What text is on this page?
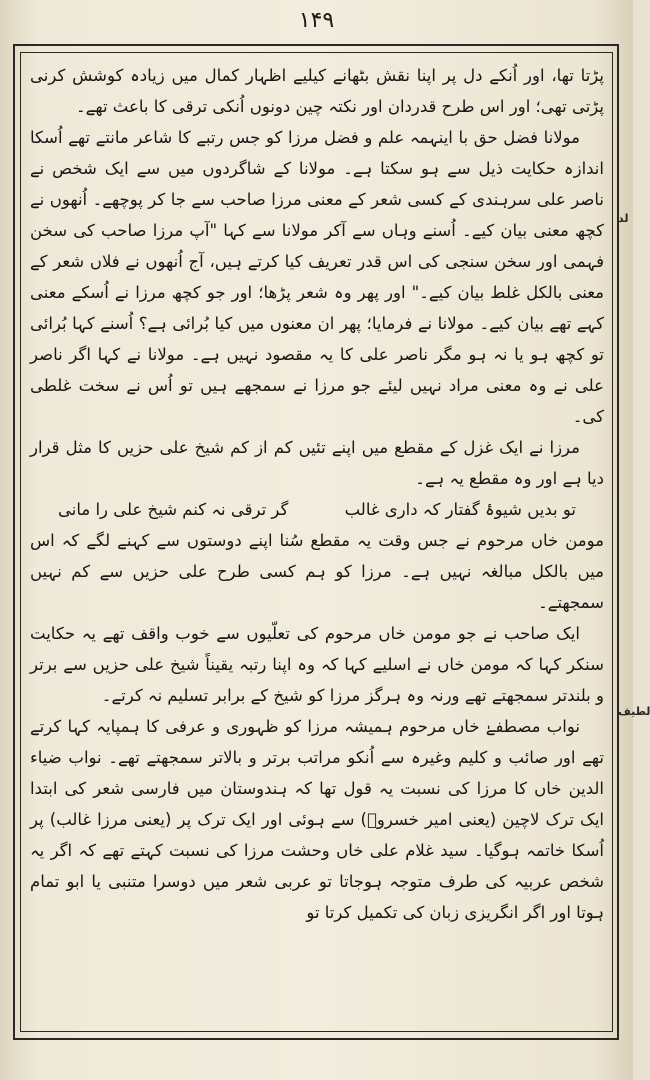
۱۴۹
لد
لطیف

پڑتا تھا، اور اُنکے دل پر اپنا نقش بٹھانے کیلیے اظہار کمال میں زیادہ کوشش کرنی پڑتی تھی؛ اور اس طرح قدردان اور نکتہ چین دونوں اُنکی ترقی کا باعث تھے۔

مولانا فضل حق با اینہمہ علم و فضل مرزا کو جس رتبے کا شاعر مانتے تھے اُسکا اندازہ حکایت ذیل سے ہو سکتا ہے۔ مولانا کے شاگردوں میں سے ایک شخص نے ناصر علی سرہندی کے کسی شعر کے معنی مرزا صاحب سے جا کر پوچھے۔ اُنھوں نے کچھ معنی بیان کیے۔ اُسنے وہاں سے آکر مولانا سے کہا "آپ مرزا صاحب کی سخن فہمی اور سخن سنجی کی اس قدر تعریف کیا کرتے ہیں، آج اُنھوں نے فلاں شعر کے معنی بالکل غلط بیان کیے۔" اور پھر وہ شعر پڑھا؛ اور جو کچھ مرزا نے اُسکے معنی کہے تھے بیان کیے۔ مولانا نے فرمایا؛ پھر ان معنوں میں کیا بُرائی ہے؟ اُسنے کہا بُرائی تو کچھ ہو یا نہ ہو مگر ناصر علی کا یہ مقصود نہیں ہے۔ مولانا نے کہا اگر ناصر علی نے وہ معنی مراد نہیں لیئے جو مرزا نے سمجھے ہیں تو اُس نے سخت غلطی کی۔

مرزا نے ایک غزل کے مقطع میں اپنے تئیں کم از کم شیخ علی حزیں کا مثل قرار دیا ہے اور وہ مقطع یہ ہے۔

تو بدیں شیوۂ گفتار کہ داری غالب
گر ترقی نہ کنم شیخ علی را مانی

مومن خاں مرحوم نے جس وقت یہ مقطع سُنا اپنے دوستوں سے کہنے لگے کہ اس میں بالکل مبالغہ نہیں ہے۔ مرزا کو ہم کسی طرح علی حزیں سے کم نہیں سمجھتے۔

ایک صاحب نے جو مومن خاں مرحوم کی تعلّیوں سے خوب واقف تھے یہ حکایت سنکر کہا کہ مومن خاں نے اسلیے کہا کہ وہ اپنا رتبہ یقیناً شیخ علی حزیں سے برتر و بلندتر سمجھتے تھے ورنہ وہ ہرگز مرزا کو شیخ کے برابر تسلیم نہ کرتے۔

نواب مصطفےٰ خاں مرحوم ہمیشہ مرزا کو ظہوری و عرفی کا ہمپایہ کہا کرتے تھے اور صائب و کلیم وغیرہ سے اُنکو مراتب برتر و بالاتر سمجھتے تھے۔ نواب ضیاء الدین خاں کا مرزا کی نسبت یہ قول تھا کہ ہندوستان میں فارسی شعر کی ابتدا ایک ترک لاچین (یعنی امیر خسروؒ) سے ہوئی اور ایک ترک پر (یعنی مرزا غالب) پر اُسکا خاتمہ ہوگیا۔ سید غلام علی خاں وحشت مرزا کی نسبت کہتے تھے کہ اگر یہ شخص عربیہ کی طرف متوجہ ہوجاتا تو عربی شعر میں دوسرا متنبی یا ابو تمام ہوتا اور اگر انگریزی زبان کی تکمیل کرتا تو
